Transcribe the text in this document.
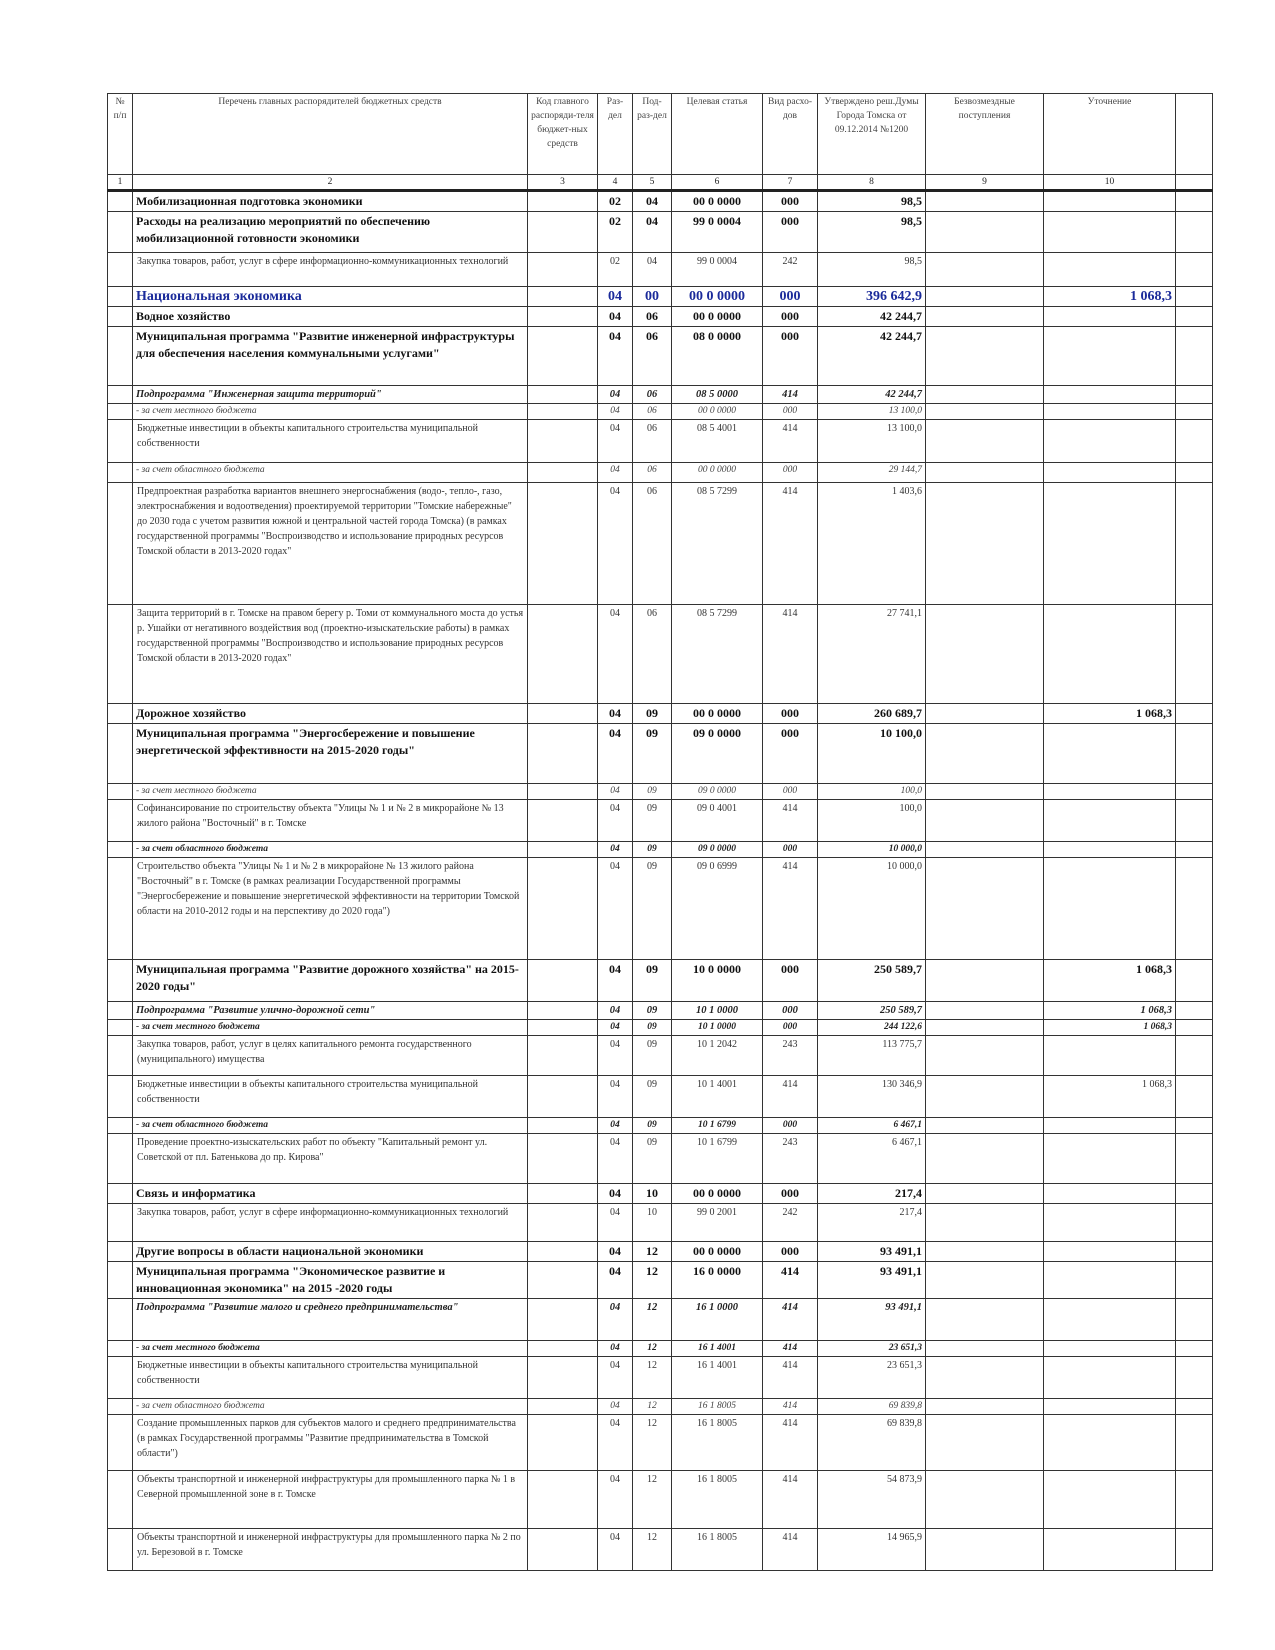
№ п/п	Перечень главных распорядителей бюджетных средств	Код главного распоряди-теля бюджет-ных средств	Раз-дел	Под-раз-дел	Целевая статья	Вид расхо-дов	Утверждено реш.Думы Города Томска от 09.12.2014 №1200	Безвозмездные поступления	Уточнение	
1	2	3	4	5	6	7	8	9	10	
	Мобилизационная подготовка экономики		02	04	00 0 0000	000	98,5			
	Расходы на реализацию мероприятий по обеспечению мобилизационной готовности экономики		02	04	99 0 0004	000	98,5			
	Закупка товаров, работ, услуг в сфере информационно-коммуникационных технологий		02	04	99 0 0004	242	98,5			
	Национальная экономика		04	00	00 0 0000	000	396 642,9		1 068,3	
	Водное хозяйство		04	06	00 0 0000	000	42 244,7			
	Муниципальная программа "Развитие инженерной инфраструктуры для обеспечения населения коммунальными услугами"		04	06	08 0 0000	000	42 244,7			
	Подпрограмма "Инженерная защита территорий"		04	06	08 5 0000	414	42 244,7			
	- за счет местного бюджета		04	06	00 0 0000	000	13 100,0			
	Бюджетные инвестиции в объекты капитального строительства муниципальной собственности		04	06	08 5 4001	414	13 100,0			
	- за счет областного бюджета		04	06	00 0 0000	000	29 144,7			
	Предпроектная разработка вариантов внешнего энергоснабжения (водо-, тепло-, газо, электроснабжения и водоотведения) проектируемой территории "Томские набережные" до 2030 года с учетом развития южной и центральной частей города Томска) (в рамках государственной программы "Воспроизводство и использование природных ресурсов Томской области в 2013-2020 годах"		04	06	08 5 7299	414	1 403,6			
	Защита территорий в г. Томске на правом берегу р. Томи от коммунального моста до устья р. Ушайки от негативного воздействия вод (проектно-изыскательские работы) в рамках государственной программы "Воспроизводство и использование природных ресурсов Томской области в 2013-2020 годах"		04	06	08 5 7299	414	27 741,1			
	Дорожное хозяйство		04	09	00 0 0000	000	260 689,7		1 068,3	
	Муниципальная программа "Энергосбережение и повышение энергетической эффективности на 2015-2020 годы"		04	09	09 0 0000	000	10 100,0			
	- за счет местного бюджета		04	09	09 0 0000	000	100,0			
	Софинансирование по строительству объекта "Улицы № 1 и № 2 в микрорайоне № 13 жилого района "Восточный" в г. Томске		04	09	09 0 4001	414	100,0			
	- за счет областного бюджета		04	09	09 0 0000	000	10 000,0			
	Строительство объекта "Улицы № 1 и № 2 в микрорайоне № 13 жилого района "Восточный" в г. Томске (в рамках реализации Государственной программы "Энергосбережение и повышение энергетической эффективности на территории Томской области на 2010-2012 годы и на перспективу до 2020 года")		04	09	09 0 6999	414	10 000,0			
	Муниципальная программа "Развитие дорожного хозяйства" на 2015-2020 годы"		04	09	10 0 0000	000	250 589,7		1 068,3	
	Подпрограмма "Развитие улично-дорожной сети"		04	09	10 1 0000	000	250 589,7		1 068,3	
	- за счет местного бюджета		04	09	10 1 0000	000	244 122,6		1 068,3	
	Закупка товаров, работ, услуг в целях капитального ремонта государственного (муниципального) имущества		04	09	10 1 2042	243	113 775,7			
	Бюджетные инвестиции в объекты капитального строительства муниципальной собственности		04	09	10 1 4001	414	130 346,9		1 068,3	
	- за счет областного бюджета		04	09	10 1 6799	000	6 467,1			
	Проведение проектно-изыскательских работ по объекту "Капитальный ремонт ул. Советской от пл. Батенькова до пр. Кирова"		04	09	10 1 6799	243	6 467,1			
	Связь и информатика		04	10	00 0 0000	000	217,4			
	Закупка товаров, работ, услуг в сфере информационно-коммуникационных технологий		04	10	99 0 2001	242	217,4			
	Другие вопросы в области национальной экономики		04	12	00 0 0000	000	93 491,1			
	Муниципальная программа "Экономическое развитие и инновационная экономика" на 2015 -2020 годы		04	12	16 0 0000	414	93 491,1			
	Подпрограмма "Развитие малого и среднего предпринимательства"		04	12	16 1 0000	414	93 491,1			
	- за счет местного бюджета		04	12	16 1 4001	414	23 651,3			
	Бюджетные инвестиции в объекты капитального строительства муниципальной собственности		04	12	16 1 4001	414	23 651,3			
	- за счет областного бюджета		04	12	16 1 8005	414	69 839,8			
	Создание промышленных парков для субъектов малого и среднего предпринимательства (в рамках Государственной программы "Развитие предпринимательства в Томской области")		04	12	16 1 8005	414	69 839,8			
	Объекты транспортной и инженерной инфраструктуры для промышленного парка № 1 в Северной промышленной зоне в г. Томске		04	12	16 1 8005	414	54 873,9			
	Объекты транспортной и инженерной инфраструктуры для промышленного парка № 2 по ул. Березовой в г. Томске		04	12	16 1 8005	414	14 965,9			
